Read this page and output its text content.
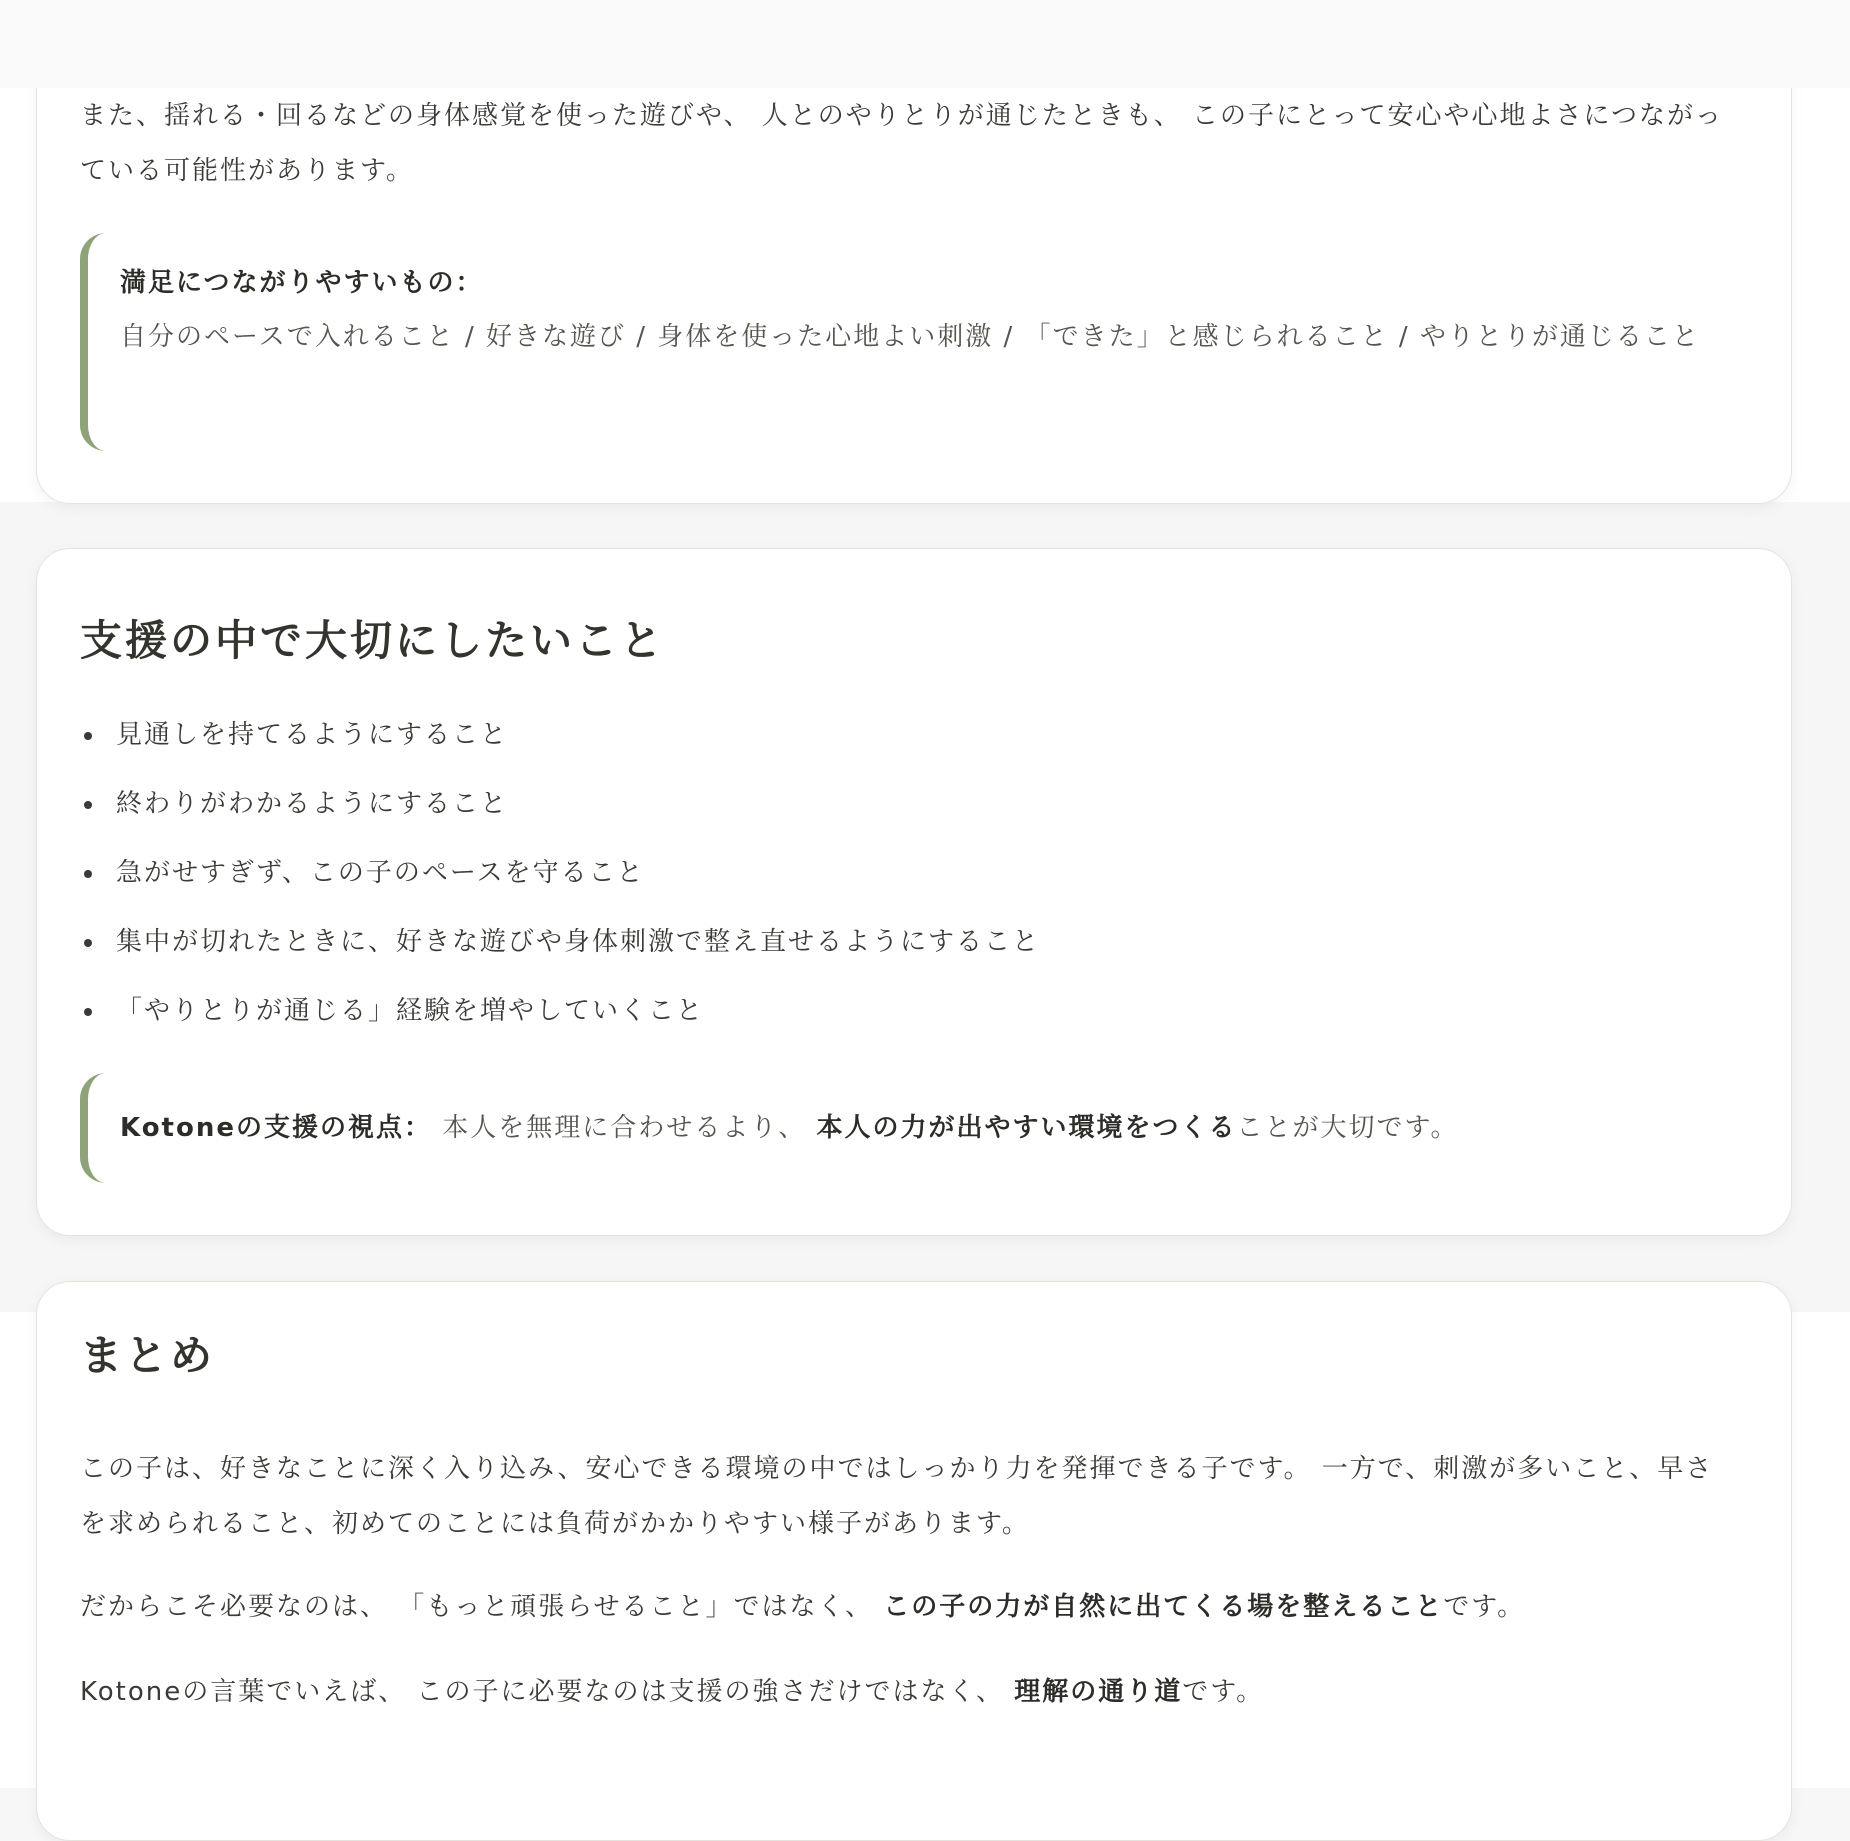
また、揺れる・回るなどの身体感覚を使った遊びや、 人とのやりとりが通じたときも、 この子にとって安心や心地よさにつながっている可能性があります。

満足につながりやすいもの：
自分のペースで入れること / 好きな遊び / 身体を使った心地よい刺激 / 「できた」と感じられること / やりとりが通じること
支援の中で大切にしたいこと
見通しを持てるようにすること
終わりがわかるようにすること
急がせすぎず、この子のペースを守ること
集中が切れたときに、好きな遊びや身体刺激で整え直せるようにすること
「やりとりが通じる」経験を増やしていくこと
Kotoneの支援の視点： 本人を無理に合わせるより、 本人の力が出やすい環境をつくることが大切です。
まとめ

この子は、好きなことに深く入り込み、安心できる環境の中ではしっかり力を発揮できる子です。 一方で、刺激が多いこと、早さを求められること、初めてのことには負荷がかかりやすい様子があります。

だからこそ必要なのは、 「もっと頑張らせること」ではなく、 この子の力が自然に出てくる場を整えることです。

Kotoneの言葉でいえば、 この子に必要なのは支援の強さだけではなく、 理解の通り道です。
